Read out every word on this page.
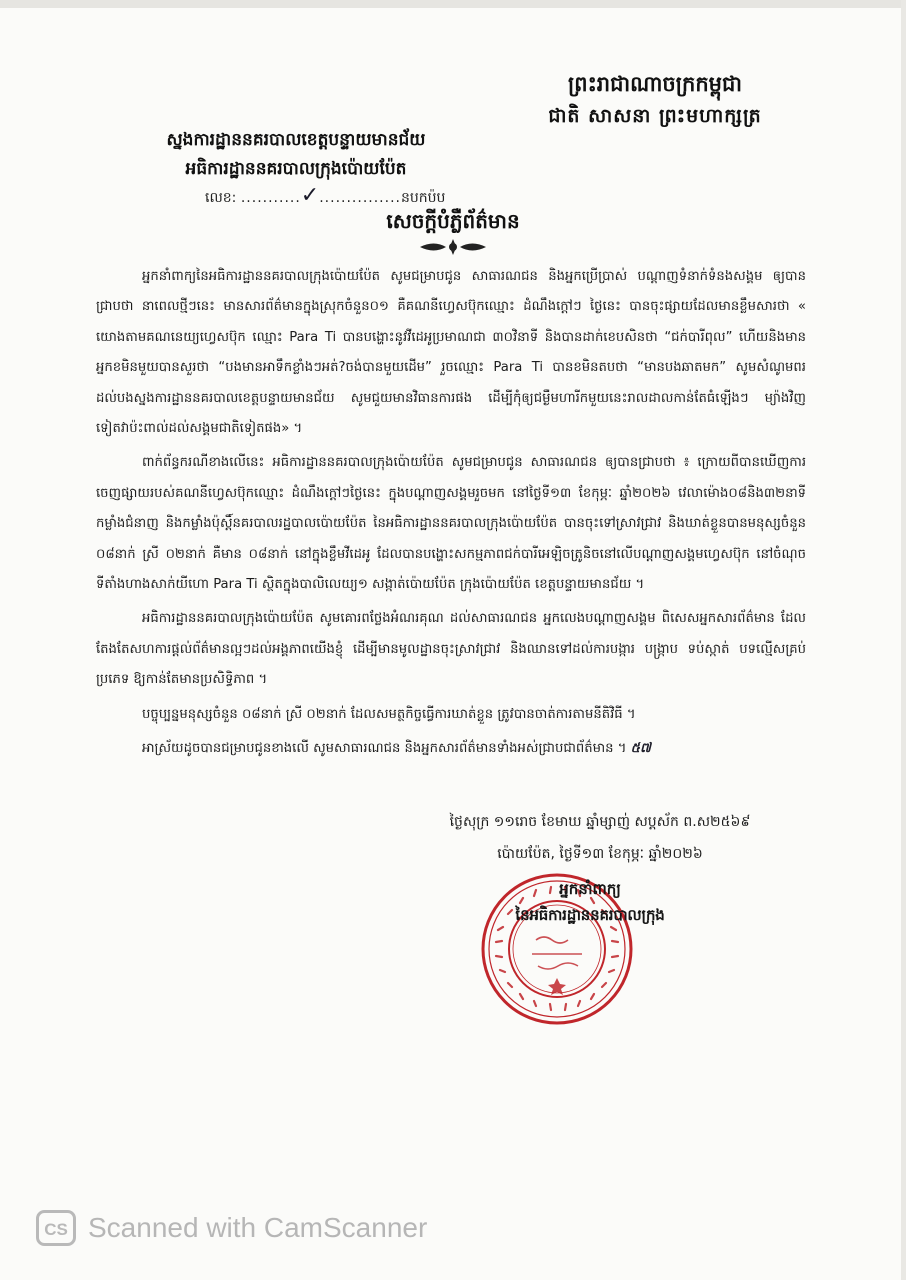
ព្រះរាជាណាចក្រកម្ពុជា
ជាតិ សាសនា ព្រះមហាក្សត្រ
ស្នងការដ្ឋាននគរបាលខេត្តបន្ទាយមានជ័យ
អធិការដ្ឋាននគរបាលក្រុងប៉ោយប៉ែត
លេខ: ...........✓...............នបកប៉ប
សេចក្តីបំភ្លឺព័ត៌មាន

អ្នកនាំពាក្យនៃអធិការដ្ឋាននគរបាលក្រុងប៉ោយប៉ែត សូមជម្រាបជូន សាធារណជន និងអ្នកប្រើប្រាស់ បណ្តាញទំនាក់ទំនងសង្គម ឲ្យបានជ្រាបថា នាពេលថ្មីៗនេះ មានសារព័ត៌មានក្នុងស្រុកចំនួន០១ គឺគណនីហ្វេសប៊ុកឈ្មោះ ដំណឹងក្តៅៗ ថ្ងៃនេះ បានចុះផ្សាយដែលមានខ្លឹមសារថា « យោងតាមគណនេយ្យហ្វេសប៊ុក ឈ្មោះ Para Ti បានបង្ហោះនូវវីដេអូប្រមាណជា ៣០វិនាទី និងបានដាក់ខេបសិនថា “ជក់បារីពុល” ហើយនិងមានអ្នកខមិនមួយបានសួរថា “បងមានអាទឹកខ្លាំងៗអត់?ចង់បានមួយដើម” រួចឈ្មោះ Para Ti បានខមិនតបថា “មានបងឆាតមក” សូមសំណូមពរដល់បងស្នងការដ្ឋាននគរបាលខេត្តបន្ទាយមានជ័យ សូមជួយមានវិធានការផង ដើម្បីកុំឲ្យជម្ងឺមហារីកមួយនេះរាលដាលកាន់តែធំឡើងៗ ម្យ៉ាងវិញទៀតវាប៉ះពាល់ដល់សង្គមជាតិទៀតផង» ។

ពាក់ព័ន្ធករណីខាងលើនេះ អធិការដ្ឋាននគរបាលក្រុងប៉ោយប៉ែត សូមជម្រាបជូន សាធារណជន ឲ្យបានជ្រាបថា ៖ ក្រោយពីបានឃើញការចេញផ្សាយរបស់គណនីហ្វេសប៊ុកឈ្មោះ ដំណឹងក្តៅៗថ្ងៃនេះ ក្នុងបណ្តាញសង្គមរួចមក នៅថ្ងៃទី១៣ ខែកុម្ភៈ ឆ្នាំ២០២៦ វេលាម៉ោង០៨និង៣២នាទី កម្លាំងជំនាញ និងកម្លាំងប៉ុស្តិ៍នគរបាលរដ្ឋបាលប៉ោយប៉ែត នៃអធិការដ្ឋាននគរបាលក្រុងប៉ោយប៉ែត បានចុះទៅស្រាវជ្រាវ និងឃាត់ខ្លួនបានមនុស្សចំនួន ០៨នាក់ ស្រី ០២នាក់ គឺមាន ០៨នាក់ នៅក្នុងខ្លឹមវីដេអូ ដែលបានបង្ហោះសកម្មភាពជក់បារីអេឡិចត្រូនិចនៅលើបណ្តាញសង្គមហ្វេសប៊ុក នៅចំណុចទីតាំងហាងសាក់យីហោ Para Ti ស្ថិតក្នុងបាលិលេយ្យ១ សង្កាត់ប៉ោយប៉ែត ក្រុងប៉ោយប៉ែត ខេត្តបន្ទាយមានជ័យ ។

អធិការដ្ឋាននគរបាលក្រុងប៉ោយប៉ែត សូមគោរពថ្លែងអំណរគុណ ដល់សាធារណជន អ្នកលេងបណ្តាញសង្គម ពិសេសអ្នកសារព័ត៌មាន ដែលតែងតែសហការផ្តល់ព័ត៌មានល្អៗដល់អង្គភាពយើងខ្ញុំ ដើម្បីមានមូលដ្ឋានចុះស្រាវជ្រាវ និងឈានទៅដល់ការបង្ការ បង្ក្រាប ទប់ស្កាត់ បទល្មើសគ្រប់ប្រភេទ ឱ្យកាន់តែមានប្រសិទ្ធិភាព ។

បច្ចុប្បន្នមនុស្សចំនួន ០៨នាក់ ស្រី ០២នាក់ ដែលសមត្ថកិច្ចធ្វើការឃាត់ខ្លួន ត្រូវបានចាត់ការតាមនីតិវិធី ។

អាស្រ័យដូចបានជម្រាបជូនខាងលើ សូមសាធារណជន និងអ្នកសារព័ត៌មានទាំងអស់ជ្រាបជាព័ត៌មាន ។ ៥៧

ថ្ងៃសុក្រ ១១រោច ខែមាឃ ឆ្នាំម្សាញ់ សប្តស័ក ព.ស២៥៦៩
ប៉ោយប៉ែត, ថ្ងៃទី១៣ ខែកុម្ភៈ ឆ្នាំ២០២៦
អ្នកនាំពាក្យ
នៃអធិការដ្ឋាននគរបាលក្រុង
CS Scanned with CamScanner
